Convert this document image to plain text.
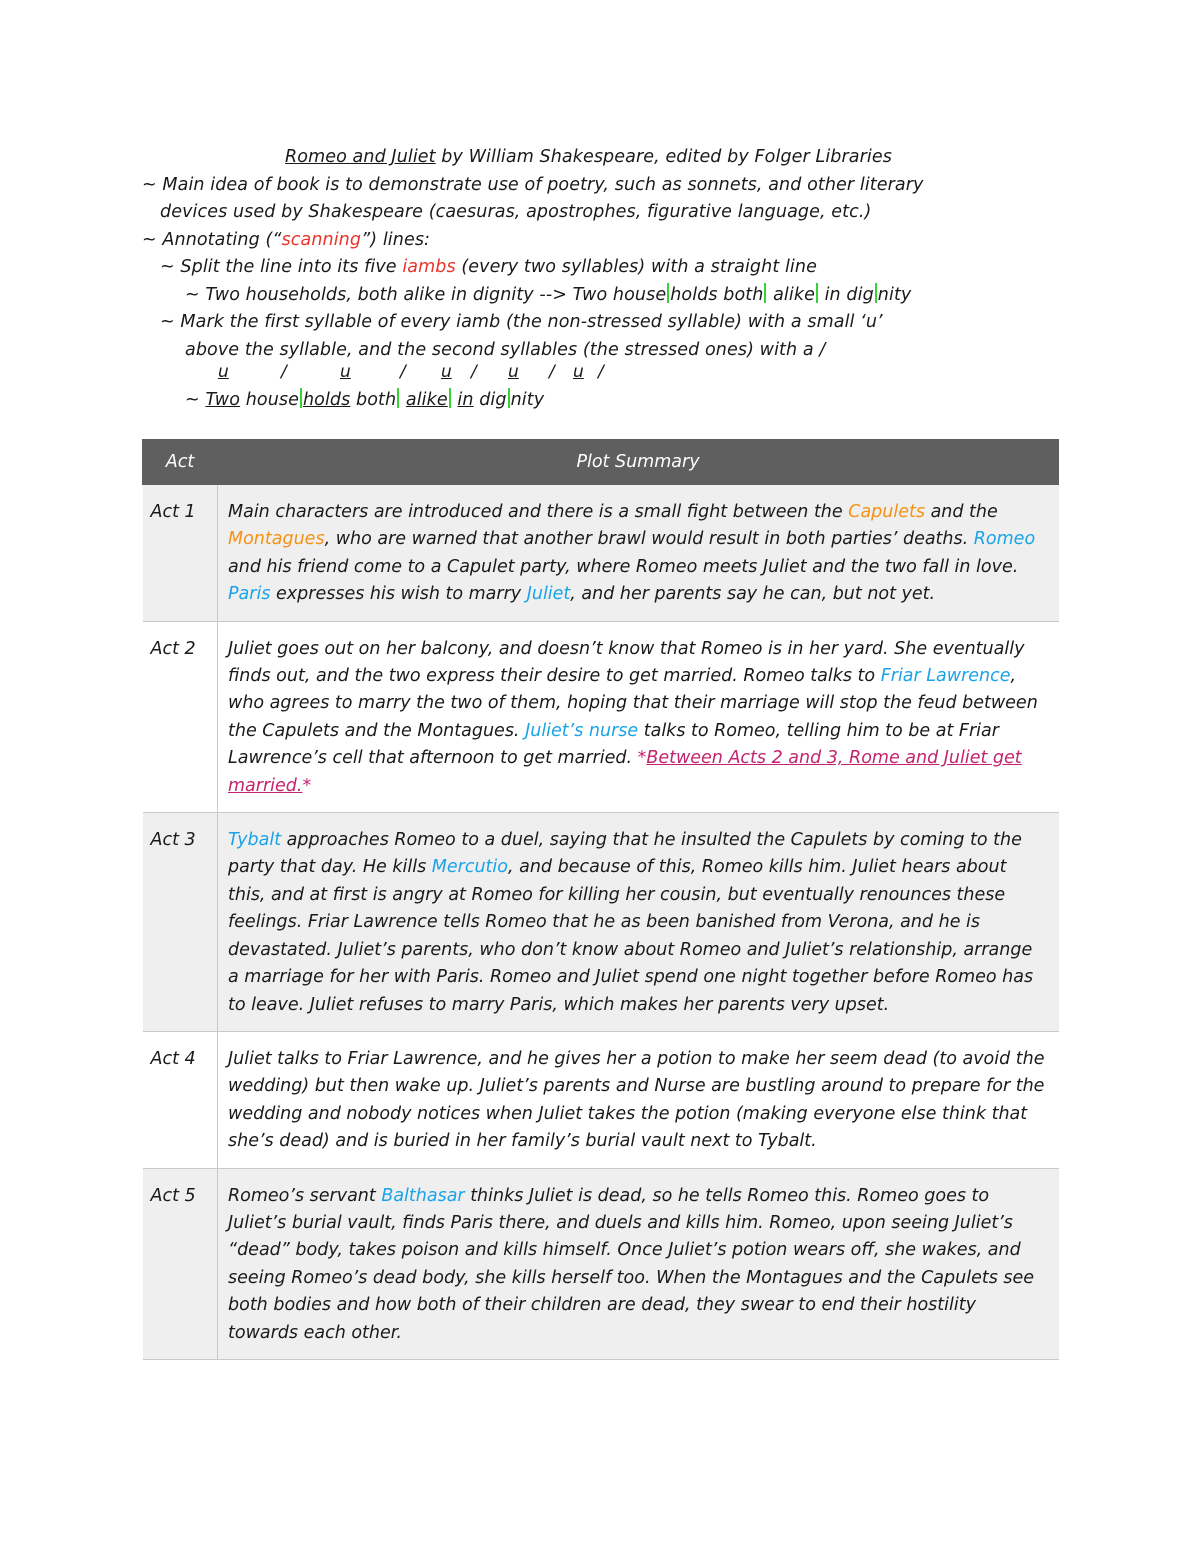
Romeo and Juliet by William Shakespeare, edited by Folger Libraries
~ Main idea of book is to demonstrate use of poetry, such as sonnets, and other literary
devices used by Shakespeare (caesuras, apostrophes, figurative language, etc.)
~ Annotating (“scanning”) lines:
~ Split the line into its five iambs (every two syllables) with a straight line
~ Two households, both alike in dignity --> Two house holds both alike in dig nity
~ Mark the first syllable of every iamb (the non-stressed syllable) with a small ‘u’
above the syllable, and the second syllables (the stressed ones) with a /
u	/	u	/ u / u / u /
~ Two house holds both alike in dig nity
Act	Plot Summary
Act 1	Main characters are introduced and there is a small fight between the Capulets and the Montagues, who are warned that another brawl would result in both parties’ deaths. Romeo and his friend come to a Capulet party, where Romeo meets Juliet and the two fall in love. Paris expresses his wish to marry Juliet, and her parents say he can, but not yet.
Act 2	Juliet goes out on her balcony, and doesn’t know that Romeo is in her yard. She eventually finds out, and the two express their desire to get married. Romeo talks to Friar Lawrence, who agrees to marry the two of them, hoping that their marriage will stop the feud between the Capulets and the Montagues. Juliet’s nurse talks to Romeo, telling him to be at Friar Lawrence’s cell that afternoon to get married. *Between Acts 2 and 3, Rome and Juliet get married.*
Act 3	Tybalt approaches Romeo to a duel, saying that he insulted the Capulets by coming to the party that day. He kills Mercutio, and because of this, Romeo kills him. Juliet hears about this, and at first is angry at Romeo for killing her cousin, but eventually renounces these feelings. Friar Lawrence tells Romeo that he as been banished from Verona, and he is devastated. Juliet’s parents, who don’t know about Romeo and Juliet’s relationship, arrange a marriage for her with Paris. Romeo and Juliet spend one night together before Romeo has to leave. Juliet refuses to marry Paris, which makes her parents very upset.
Act 4	Juliet talks to Friar Lawrence, and he gives her a potion to make her seem dead (to avoid the wedding) but then wake up. Juliet’s parents and Nurse are bustling around to prepare for the wedding and nobody notices when Juliet takes the potion (making everyone else think that she’s dead) and is buried in her family’s burial vault next to Tybalt.
Act 5	Romeo’s servant Balthasar thinks Juliet is dead, so he tells Romeo this. Romeo goes to Juliet’s burial vault, finds Paris there, and duels and kills him. Romeo, upon seeing Juliet’s “dead” body, takes poison and kills himself. Once Juliet’s potion wears off, she wakes, and seeing Romeo’s dead body, she kills herself too. When the Montagues and the Capulets see both bodies and how both of their children are dead, they swear to end their hostility towards each other.
